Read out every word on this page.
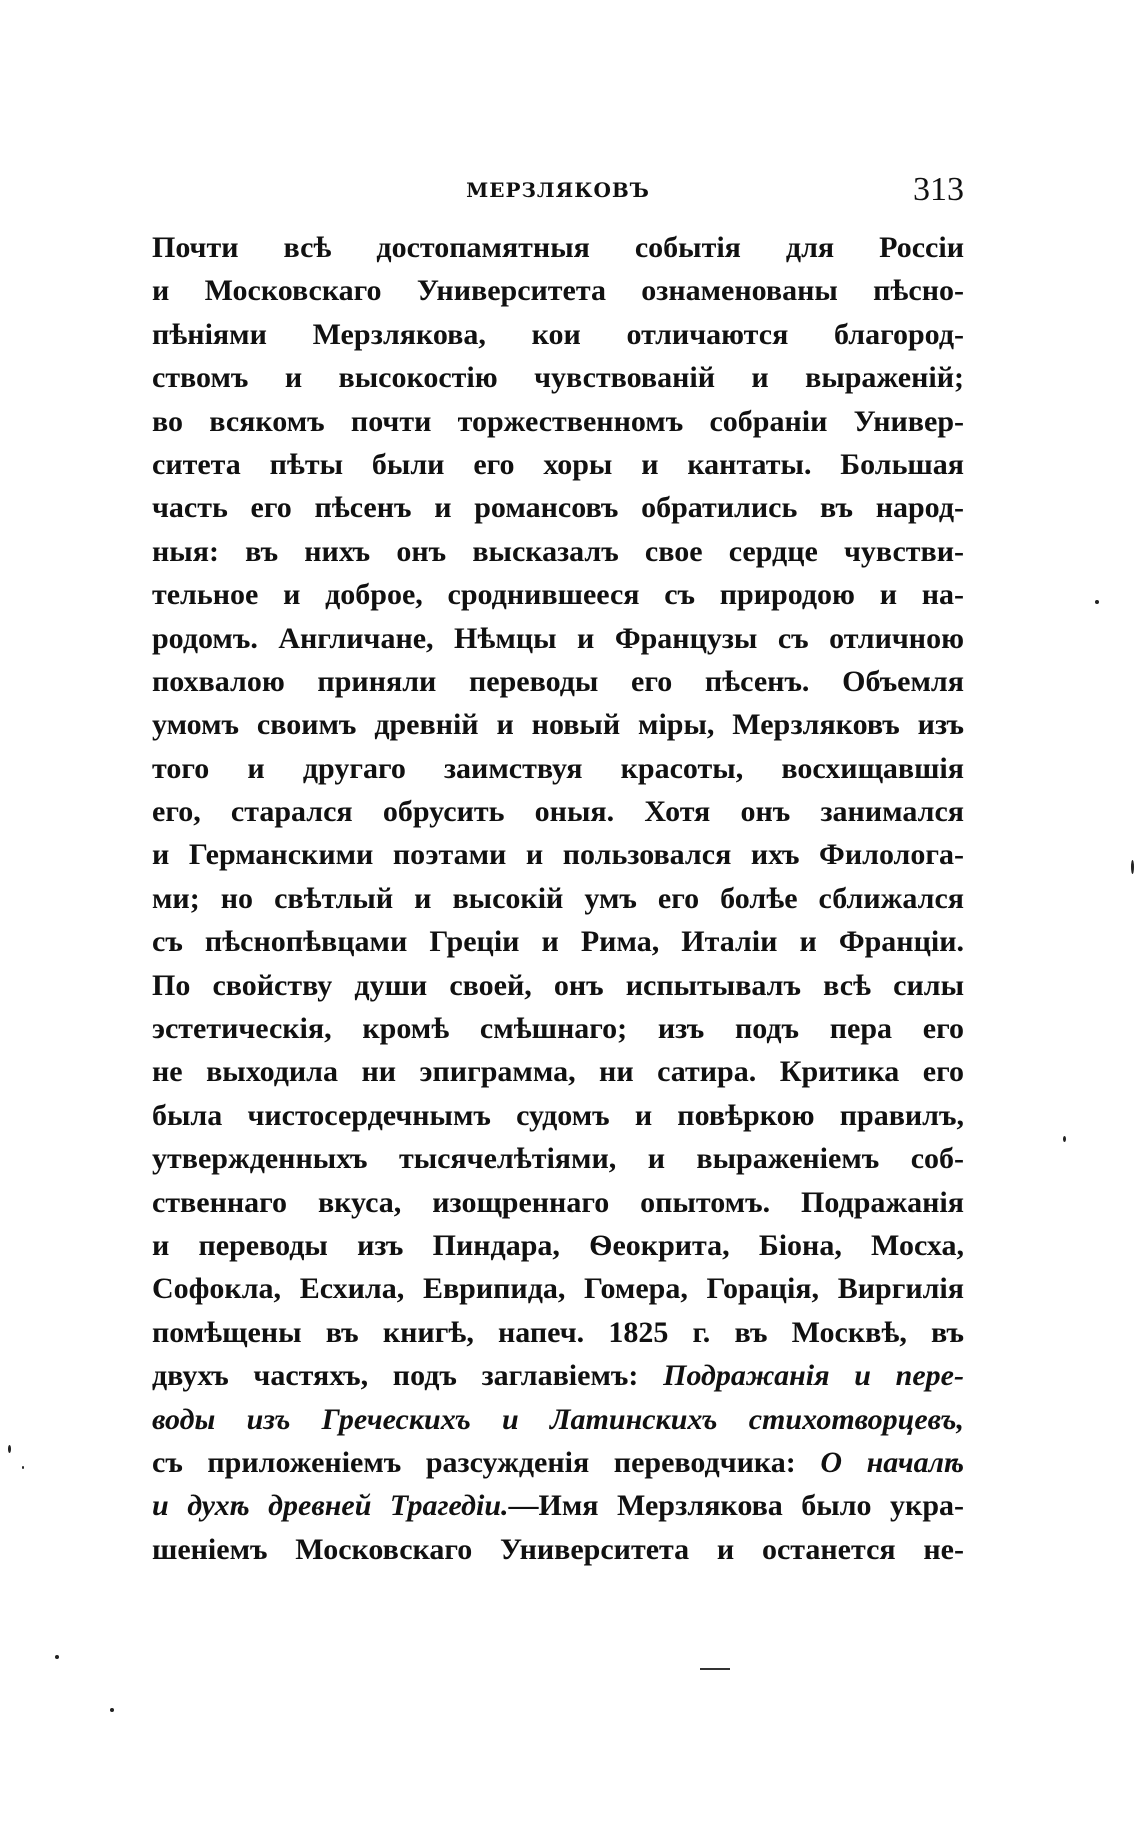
МЕРЗЛЯКОВЪ	313
Почти всѣ достопамятныя событія для Россіи
и Московскаго Университета ознаменованы пѣсно-
пѣніями Мерзлякова, кои отличаются благород-
ствомъ и высокостію чувствованій и выраженій;
во всякомъ почти торжественномъ собраніи Универ-
ситета пѣты были его хоры и кантаты. Большая
часть его пѣсенъ и романсовъ обратились въ народ-
ныя: въ нихъ онъ высказалъ свое сердце чувстви-
тельное и доброе, сроднившееся съ природою и на-
родомъ. Англичане, Нѣмцы и Французы съ отличною
похвалою приняли переводы его пѣсенъ. Объемля
умомъ своимъ древній и новый міры, Мерзляковъ изъ
того и другаго заимствуя красоты, восхищавшія
его, старался обрусить оныя. Хотя онъ занимался
и Германскими поэтами и пользовался ихъ Филолога-
ми; но свѣтлый и высокій умъ его болѣе сближался
съ пѣснопѣвцами Греціи и Рима, Италіи и Франціи.
По свойству души своей, онъ испытывалъ всѣ силы
эстетическія, кромѣ смѣшнаго; изъ подъ пера его
не выходила ни эпиграмма, ни сатира. Критика его
была чистосердечнымъ судомъ и повѣркою правилъ,
утвержденныхъ тысячелѣтіями, и выраженіемъ соб-
ственнаго вкуса, изощреннаго опытомъ. Подражанія
и переводы изъ Пиндара, Ѳеокрита, Біона, Мосха,
Софокла, Есхила, Еврипида, Гомера, Горація, Виргилія
помѣщены въ книгѣ, напеч. 1825 г. въ Москвѣ, въ
двухъ частяхъ, подъ заглавіемъ: Подражанія и пере-
воды изъ Греческихъ и Латинскихъ стихотворцевъ,
съ приложеніемъ разсужденія переводчика: О началѣ
и духѣ древней Трагедіи.—Имя Мерзлякова было укра-
шеніемъ Московскаго Университета и останется не-
